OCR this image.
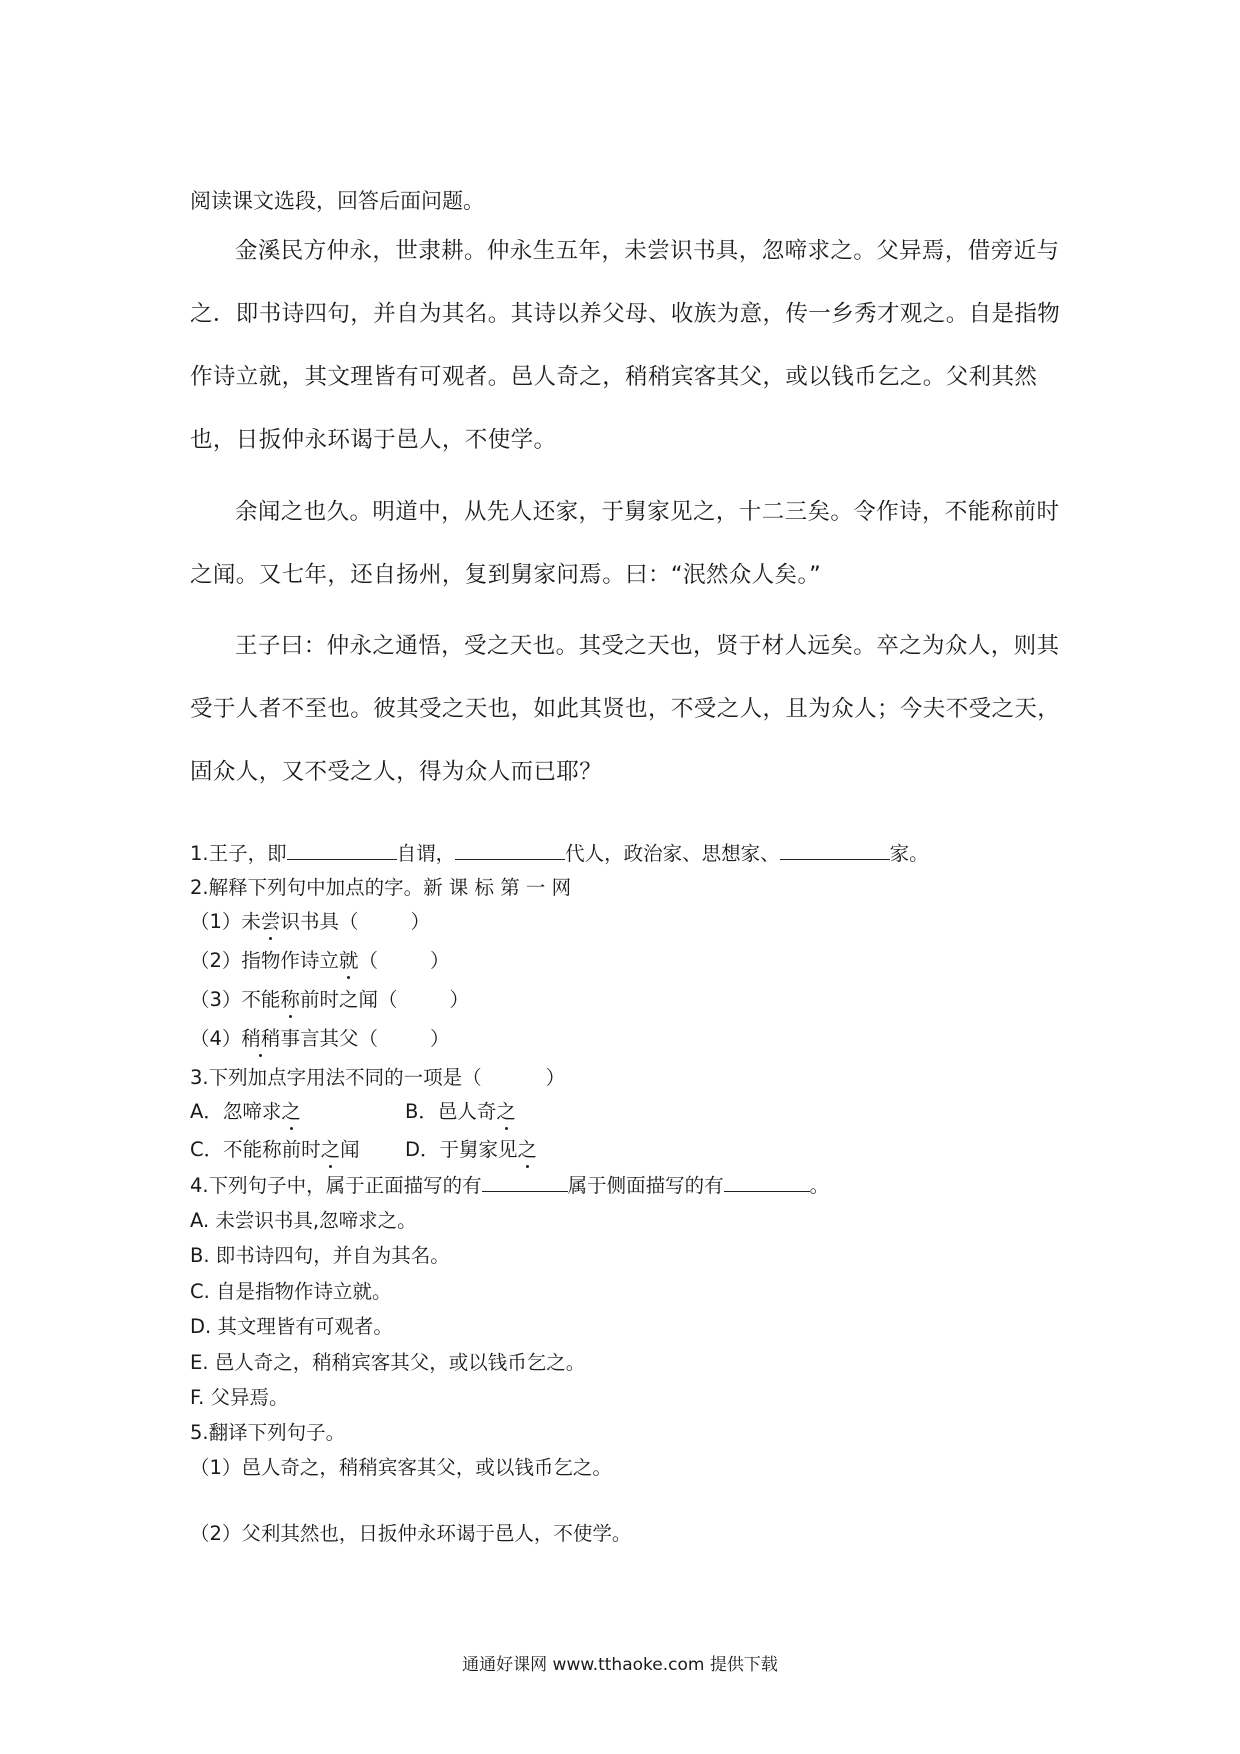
阅读课文选段，回答后面问题。

金溪民方仲永，世隶耕。仲永生五年，未尝识书具，忽啼求之。父异焉，借旁近与之．即书诗四句，并自为其名。其诗以养父母、收族为意，传一乡秀才观之。自是指物作诗立就，其文理皆有可观者。邑人奇之，稍稍宾客其父，或以钱币乞之。父利其然也，日扳仲永环谒于邑人，不使学。

余闻之也久。明道中，从先人还家，于舅家见之，十二三矣。令作诗，不能称前时之闻。又七年，还自扬州，复到舅家问焉。曰：“泯然众人矣。”

王子曰：仲永之通悟，受之天也。其受之天也，贤于材人远矣。卒之为众人，则其受于人者不至也。彼其受之天也，如此其贤也，不受之人，且为众人；今夫不受之天，固众人，又不受之人，得为众人而已耶？

1.王子，即	自谓，	代人，政治家、思想家、	家。
2.解释下列句中加点的字。新 课 标 第 一 网
（1）未尝识书具（	）
（2）指物作诗立就（	）
（3）不能称前时之闻（	）
（4）稍稍事言其父（	）
3.下列加点字用法不同的一项是（	）
A．忽啼求之	B．邑人奇之
C．不能称前时之闻 D．于舅家见之
4.下列句子中，属于正面描写的有	属于侧面描写的有	。
A. 未尝识书具,忽啼求之。
B. 即书诗四句，并自为其名。
C. 自是指物作诗立就。
D. 其文理皆有可观者。
E. 邑人奇之，稍稍宾客其父，或以钱币乞之。
F. 父异焉。
5.翻译下列句子。
（1）邑人奇之，稍稍宾客其父，或以钱币乞之。
（2）父利其然也，日扳仲永环谒于邑人，不使学。
通通好课网 www.tthaoke.com 提供下载
